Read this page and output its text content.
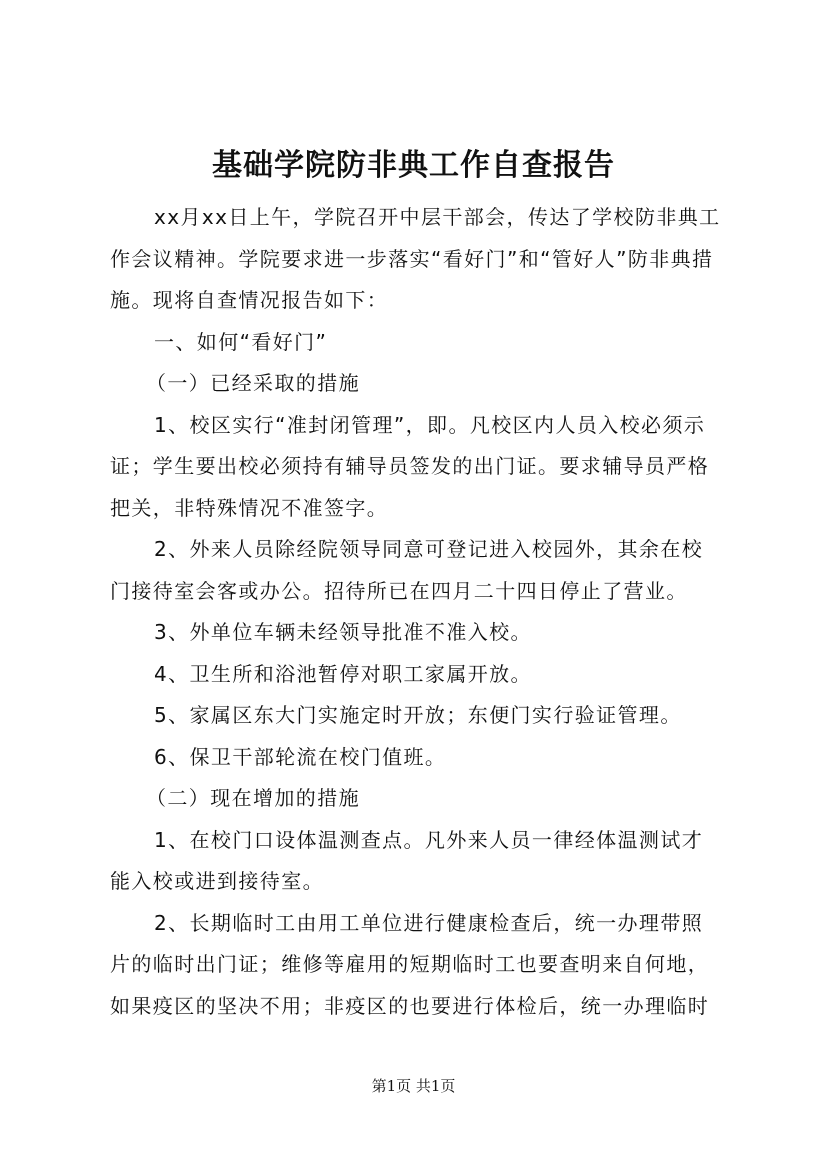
基础学院防非典工作自查报告

xx月xx日上午，学院召开中层干部会，传达了学校防非典工作会议精神。学院要求进一步落实“看好门”和“管好人”防非典措施。现将自查情况报告如下：

一、如何“看好门”

（一）已经采取的措施

1、校区实行“准封闭管理”，即。凡校区内人员入校必须示证；学生要出校必须持有辅导员签发的出门证。要求辅导员严格把关，非特殊情况不准签字。

2、外来人员除经院领导同意可登记进入校园外，其余在校门接待室会客或办公。招待所已在四月二十四日停止了营业。

3、外单位车辆未经领导批准不准入校。

4、卫生所和浴池暂停对职工家属开放。

5、家属区东大门实施定时开放；东便门实行验证管理。

6、保卫干部轮流在校门值班。

（二）现在增加的措施

1、在校门口设体温测查点。凡外来人员一律经体温测试才能入校或进到接待室。

2、长期临时工由用工单位进行健康检查后，统一办理带照片的临时出门证；维修等雇用的短期临时工也要查明来自何地，如果疫区的坚决不用；非疫区的也要进行体检后，统一办理临时

第1页 共1页
